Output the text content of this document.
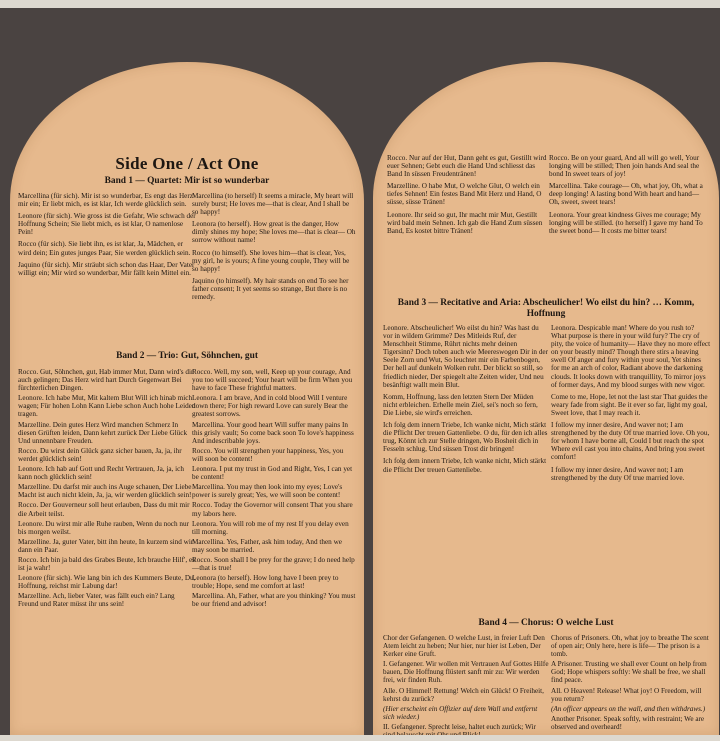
Side One / Act One
Band 1 — Quartet: Mir ist so wunderbar

Marcellina (für sich). Mir ist so wunderbar, Es engt das Herz mir ein; Er liebt mich, es ist klar, Ich werde glücklich sein.

Leonore (für sich). Wie gross ist die Gefahr, Wie schwach der Hoffnung Schein; Sie liebt mich, es ist klar, O namenlose Pein!

Rocco (für sich). Sie liebt ihn, es ist klar, Ja, Mädchen, er wird dein; Ein gutes junges Paar, Sie werden glücklich sein.

Jaquino (für sich). Mir sträubt sich schon das Haar, Der Vater willigt ein; Mir wird so wunderbar, Mir fällt kein Mittel ein.

Marcellina (to herself) It seems a miracle, My heart will surely burst; He loves me—that is clear, And I shall be so happy!

Leonora (to herself). How great is the danger, How dimly shines my hope; She loves me—that is clear— Oh sorrow without name!

Rocco (to himself). She loves him—that is clear, Yes, my girl, he is yours; A fine young couple, They will be so happy!

Jaquino (to himself). My hair stands on end To see her father consent; It yet seems so strange, But there is no remedy.

Band 2 — Trio: Gut, Söhnchen, gut

Rocco. Gut, Söhnchen, gut, Hab immer Mut, Dann wird's dir auch gelingen; Das Herz wird hart Durch Gegenwart Bei fürchterlichen Dingen.

Leonore. Ich habe Mut, Mit kaltem Blut Will ich hinab mich wagen; Für hohen Lohn Kann Liebe schon Auch hohe Leiden tragen.

Marzelline. Dein gutes Herz Wird manchen Schmerz In diesen Grüften leiden, Dann kehrt zurück Der Liebe Glück Und unnennbare Freuden.

Rocco. Du wirst dein Glück ganz sicher bauen, Ja, ja, ihr werdet glücklich sein!

Leonore. Ich hab auf Gott und Recht Vertrauen, Ja, ja, ich kann noch glücklich sein!

Marzelline. Du darfst mir auch ins Auge schauen, Der Liebe Macht ist auch nicht klein, Ja, ja, wir werden glücklich sein!

Rocco. Der Gouverneur soll heut erlauben, Dass du mit mir die Arbeit teilst.

Leonore. Du wirst mir alle Ruhe rauben, Wenn du noch nur bis morgen weilst.

Marzelline. Ja, guter Vater, bitt ihn heute, In kurzem sind wir dann ein Paar.

Rocco. Ich bin ja bald des Grabes Beute, Ich brauche Hilf', es ist ja wahr!

Leonore (für sich). Wie lang bin ich des Kummers Beute, Du, Hoffnung, reichst mir Labung dar!

Marzelline. Ach, lieber Vater, was fällt euch ein? Lang Freund und Rater müsst ihr uns sein!

Rocco. Well, my son, well, Keep up your courage, And you too will succeed; Your heart will be firm When you have to face These frightful matters.

Leonora. I am brave, And in cold blood Will I venture down there; For high reward Love can surely Bear the greatest sorrows.

Marcellina. Your good heart Will suffer many pains In this grisly vault; So come back soon To love's happiness And indescribable joys.

Rocco. You will strengthen your happiness, Yes, you will soon be content!

Leonora. I put my trust in God and Right, Yes, I can yet be content!

Marcellina. You may then look into my eyes; Love's power is surely great; Yes, we will soon be content!

Rocco. Today the Governor will consent That you share my labors here.

Leonora. You will rob me of my rest If you delay even till morning.

Marcellina. Yes, Father, ask him today, And then we may soon be married.

Rocco. Soon shall I be prey for the grave; I do need help—that is true!

Leonora (to herself). How long have I been prey to trouble; Hope, send me comfort at last!

Marcellina. Ah, Father, what are you thinking? You must be our friend and advisor!

Rocco. Nur auf der Hut, Dann geht es gut, Gestillt wird euer Sehnen; Gebt euch die Hand Und schliesst das Band In süssen Freudentränen!

Marzelline. O habe Mut, O welche Glut, O welch ein tiefes Sehnen! Ein festes Band Mit Herz und Hand, O süsse, süsse Tränen!

Leonore. Ihr seid so gut, Ihr macht mir Mut, Gestillt wird bald mein Sehnen. Ich gab die Hand Zum süssen Band, Es kostet bittre Tränen!

Rocco. Be on your guard, And all will go well, Your longing will be stilled; Then join hands And seal the bond In sweet tears of joy!

Marcellina. Take courage— Oh, what joy, Oh, what a deep longing! A lasting bond With heart and hand— Oh, sweet, sweet tears!

Leonora. Your great kindness Gives me courage; My longing will be stilled. (to herself) I gave my hand To the sweet bond— It costs me bitter tears!

Band 3 — Recitative and Aria: Abscheulicher! Wo eilst du hin? … Komm, Hoffnung

Leonore. Abscheulicher! Wo eilst du hin? Was hast du vor in wildem Grimme? Des Mitleids Ruf, der Menschheit Stimme, Rührt nichts mehr deinen Tigersinn? Doch toben auch wie Meereswogen Dir in der Seele Zorn und Wut, So leuchtet mir ein Farbenbogen, Der hell auf dunkeln Wolken ruht. Der blickt so still, so friedlich nieder, Der spiegelt alte Zeiten wider, Und neu besänftigt wallt mein Blut.

Komm, Hoffnung, lass den letzten Stern Der Müden nicht erbleichen. Erhelle mein Ziel, sei's noch so fern, Die Liebe, sie wird's erreichen.

Ich folg dem innern Triebe, Ich wanke nicht, Mich stärkt die Pflicht Der treuen Gattenliebe. O du, für den ich alles trug, Könnt ich zur Stelle dringen, Wo Bosheit dich in Fesseln schlug, Und süssen Trost dir bringen!

Ich folg dem innern Triebe, Ich wanke nicht, Mich stärkt die Pflicht Der treuen Gattenliebe.

Leonora. Despicable man! Where do you rush to? What purpose is there in your wild fury? The cry of pity, the voice of humanity— Have they no more effect on your beastly mind? Though there stirs a heaving swell Of anger and fury within your soul, Yet shines for me an arch of color, Radiant above the darkening clouds. It looks down with tranquillity, To mirror joys of former days, And my blood surges with new vigor.

Come to me, Hope, let not the last star That guides the weary fade from sight. Be it ever so far, light my goal, Sweet love, that I may reach it.

I follow my inner desire, And waver not; I am strengthened by the duty Of true married love. Oh you, for whom I have borne all, Could I but reach the spot Where evil cast you into chains, And bring you sweet comfort!

I follow my inner desire, And waver not; I am strengthened by the duty Of true married love.

Band 4 — Chorus: O welche Lust

Chor der Gefangenen. O welche Lust, in freier Luft Den Atem leicht zu heben; Nur hier, nur hier ist Leben, Der Kerker eine Gruft.

I. Gefangener. Wir wollen mit Vertrauen Auf Gottes Hilfe bauen, Die Hoffnung flüstert sanft mir zu: Wir werden frei, wir finden Ruh.

Alle. O Himmel! Rettung! Welch ein Glück! O Freiheit, kehrst du zurück?

(Hier erscheint ein Offizier auf dem Wall und entfernt sich wieder.)

II. Gefangener. Sprecht leise, haltet euch zurück; Wir

Chorus of Prisoners. Oh, what joy to breathe The scent of open air; Only here, here is life— The prison is a tomb.

A Prisoner. Trusting we shall ever Count on help from God; Hope whispers softly: We shall be free, we shall find peace.

All. O Heaven! Release! What joy! O Freedom, will you return?

(An officer appears on the wall, and then withdraws.)

Another Prisoner. Speak softly, with restraint; We are observed and overheard!
